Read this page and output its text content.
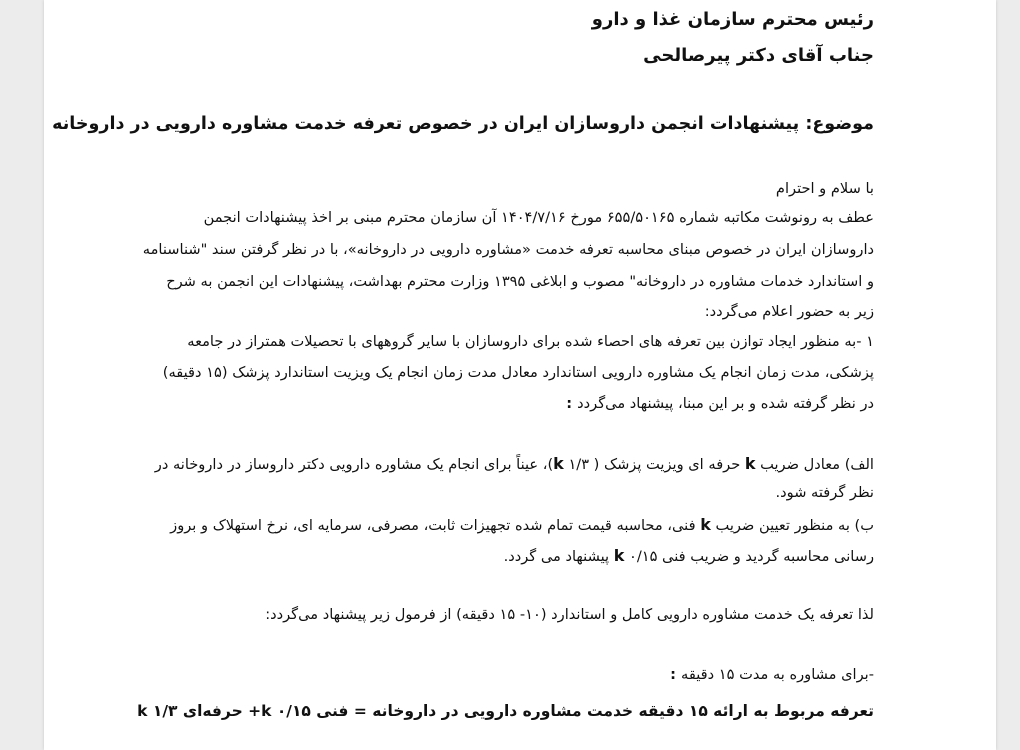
رئیس محترم سازمان غذا و دارو

جناب آقای دکتر پیرصالحی

موضوع: پیشنهادات انجمن داروسازان ایران در خصوص تعرفه خدمت مشاوره دارویی در داروخانه

با سلام و احترام

عطف به رونوشت مکاتبه شماره ۶۵۵/۵۰۱۶۵ مورخ ۱۴۰۴/۷/۱۶ آن سازمان محترم مبنی بر اخذ پیشنهادات انجمن

داروسازان ایران در خصوص مبنای محاسبه تعرفه خدمت «مشاوره دارویی در داروخانه»، با در نظر گرفتن سند "شناسنامه

و استاندارد خدمات مشاوره در داروخانه" مصوب و ابلاغی ۱۳۹۵ وزارت محترم بهداشت، پیشنهادات این انجمن به شرح

زیر به حضور اعلام می‌گردد:

۱ -به منظور ایجاد توازن بین تعرفه های احصاء شده برای داروسازان با سایر گروههای با تحصیلات همتراز در جامعه

پزشکی، مدت زمان انجام یک مشاوره دارویی استاندارد معادل مدت زمان انجام یک ویزیت استاندارد پزشک (۱۵ دقیقه)

در نظر گرفته شده و بر این مبنا، پیشنهاد می‌گردد :

الف) معادل ضریب k حرفه ای ویزیت پزشک ( k ۱/۳)، عیناً برای انجام یک مشاوره دارویی دکتر داروساز در داروخانه در

نظر گرفته شود.

ب) به منظور تعیین ضریب k فنی، محاسبه قیمت تمام شده تجهیزات ثابت، مصرفی، سرمایه ای، نرخ استهلاک و بروز

رسانی محاسبه گردید و ضریب فنی k ۰/۱۵ پیشنهاد می گردد.

لذا تعرفه یک خدمت مشاوره دارویی کامل و استاندارد (۱۰- ۱۵ دقیقه) از فرمول زیر پیشنهاد می‌گردد:

-برای مشاوره به مدت ۱۵ دقیقه :

تعرفه مربوط به ارائه ۱۵ دقیقه خدمت مشاوره دارویی در داروخانه = فنی k ۰/۱۵+ حرفه‌ای k ۱/۳
